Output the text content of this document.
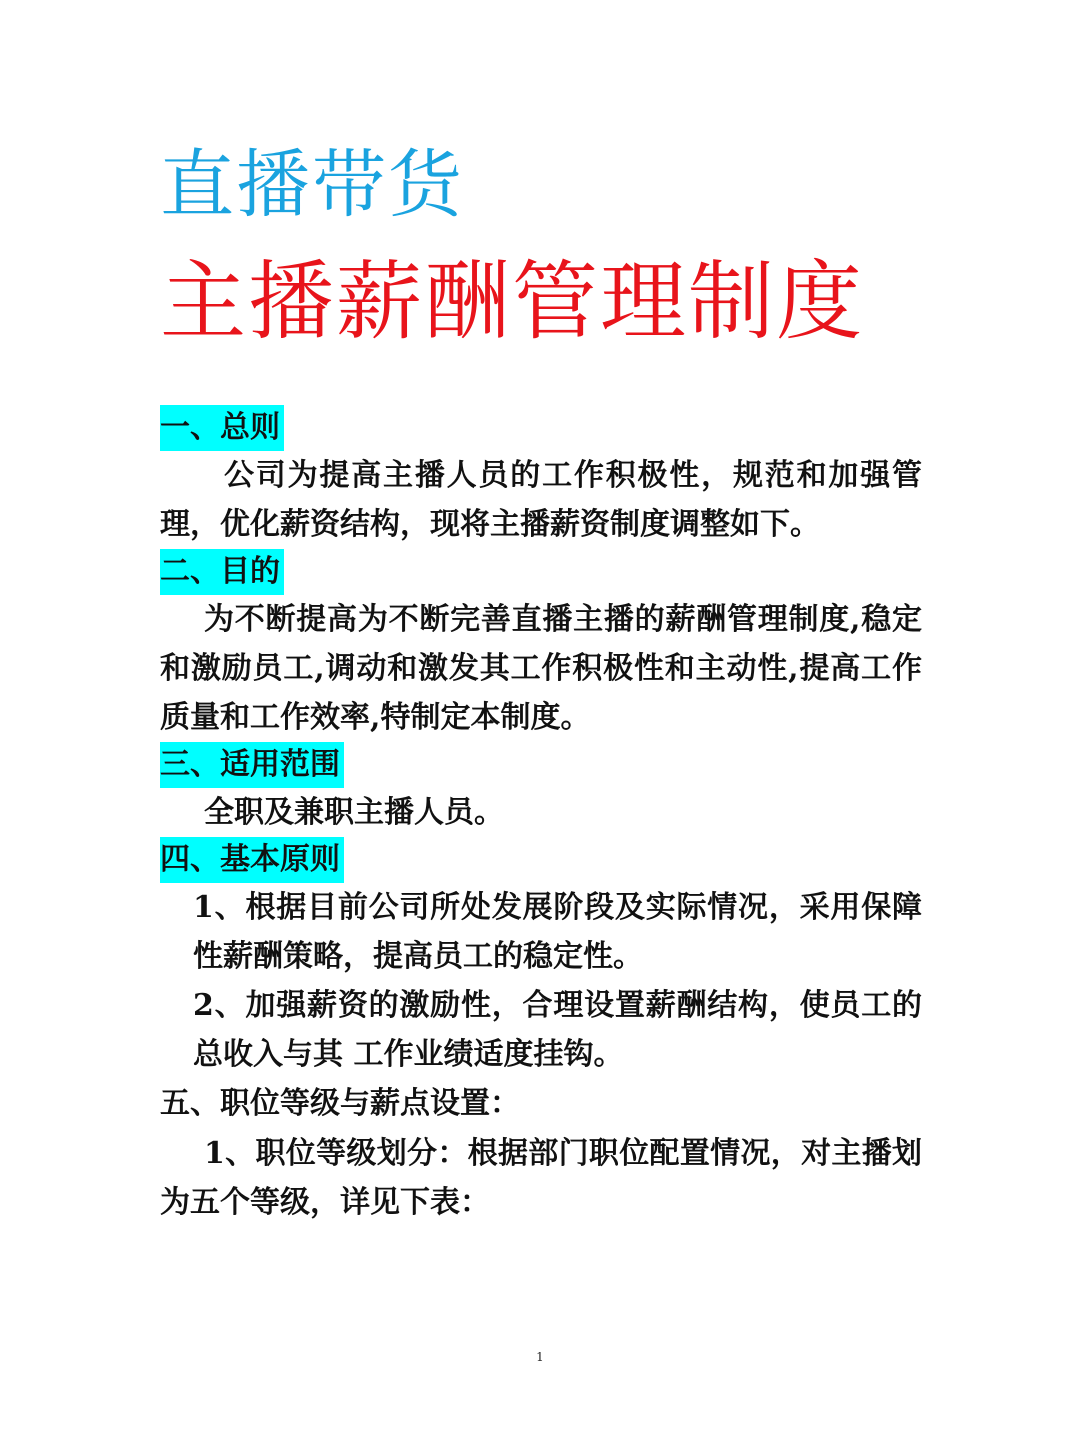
直播带货
主播薪酬管理制度
一、总则

公司为提高主播人员的工作积极性，规范和加强管理，优化薪资结构，现将主播薪资制度调整如下。

二、目的

为不断提高为不断完善直播主播的薪酬管理制度,稳定和激励员工,调动和激发其工作积极性和主动性,提高工作质量和工作效率,特制定本制度。

三、适用范围

全职及兼职主播人员。

四、基本原则

1、根据目前公司所处发展阶段及实际情况，采用保障性薪酬策略，提高员工的稳定性。

2、加强薪资的激励性，合理设置薪酬结构，使员工的总收入与其 工作业绩适度挂钩。

五、职位等级与薪点设置：

1、职位等级划分：根据部门职位配置情况，对主播划为五个等级，详见下表：

1
